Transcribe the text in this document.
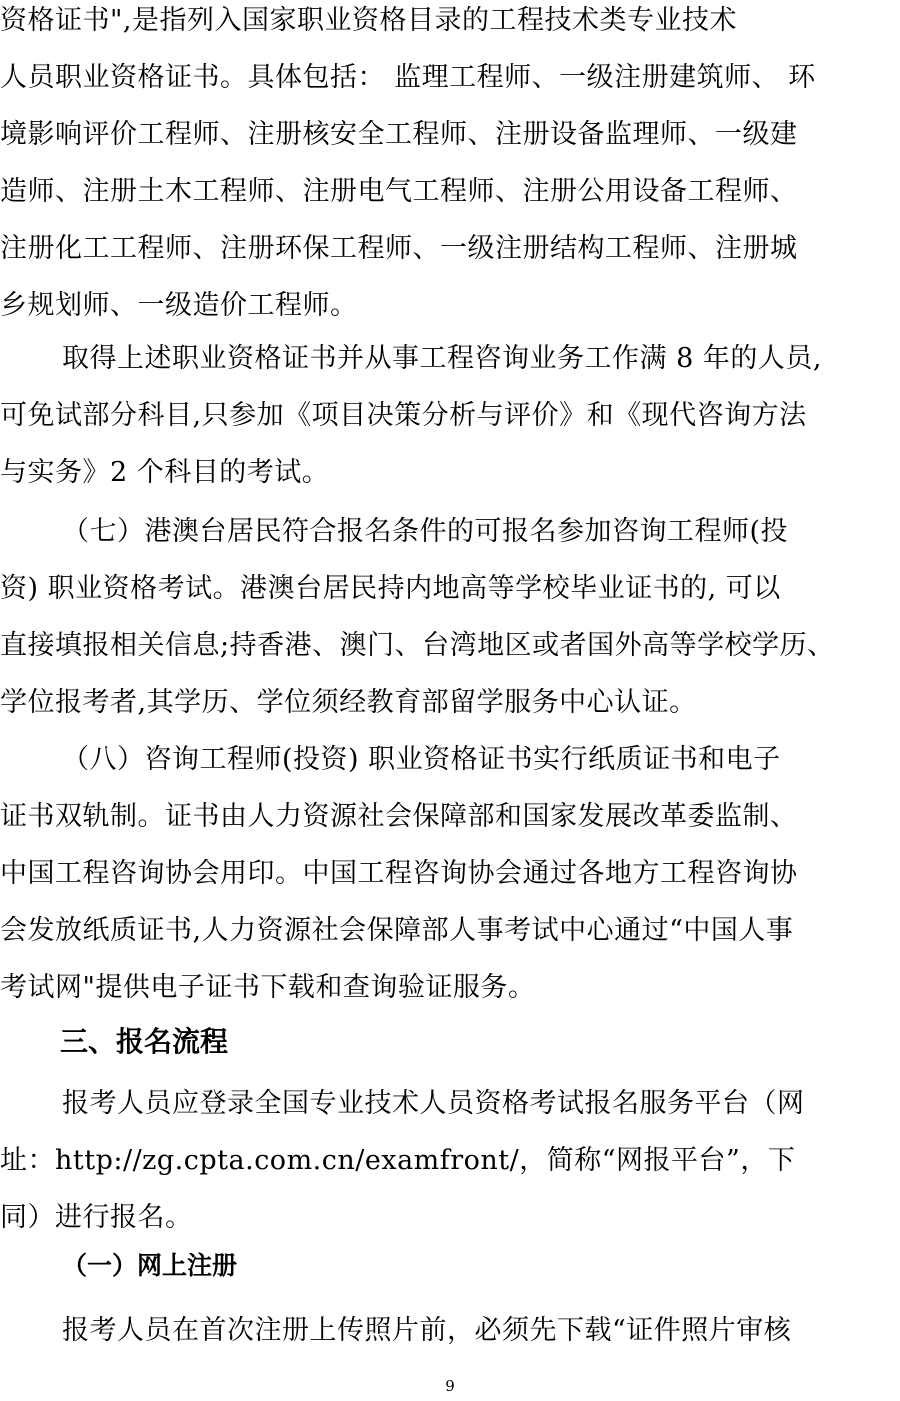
资格证书",是指列入国家职业资格目录的工程技术类专业技术
人员职业资格证书。具体包括： 监理工程师、一级注册建筑师、 环
境影响评价工程师、注册核安全工程师、注册设备监理师、一级建
造师、注册土木工程师、注册电气工程师、注册公用设备工程师、
注册化工工程师、注册环保工程师、一级注册结构工程师、注册城
乡规划师、一级造价工程师。
取得上述职业资格证书并从事工程咨询业务工作满 8 年的人员,
可免试部分科目,只参加《项目决策分析与评价》和《现代咨询方法
与实务》2 个科目的考试。
（七）港澳台居民符合报名条件的可报名参加咨询工程师(投
资) 职业资格考试。港澳台居民持内地高等学校毕业证书的, 可以
直接填报相关信息;持香港、澳门、台湾地区或者国外高等学校学历、
学位报考者,其学历、学位须经教育部留学服务中心认证。
（八）咨询工程师(投资) 职业资格证书实行纸质证书和电子
证书双轨制。证书由人力资源社会保障部和国家发展改革委监制、
中国工程咨询协会用印。中国工程咨询协会通过各地方工程咨询协
会发放纸质证书,人力资源社会保障部人事考试中心通过“中国人事
考试网"提供电子证书下载和查询验证服务。
三、报名流程
报考人员应登录全国专业技术人员资格考试报名服务平台（网
址：http://zg.cpta.com.cn/examfront/，简称“网报平台”，下
同）进行报名。
（一）网上注册
报考人员在首次注册上传照片前，必须先下载“证件照片审核
9
